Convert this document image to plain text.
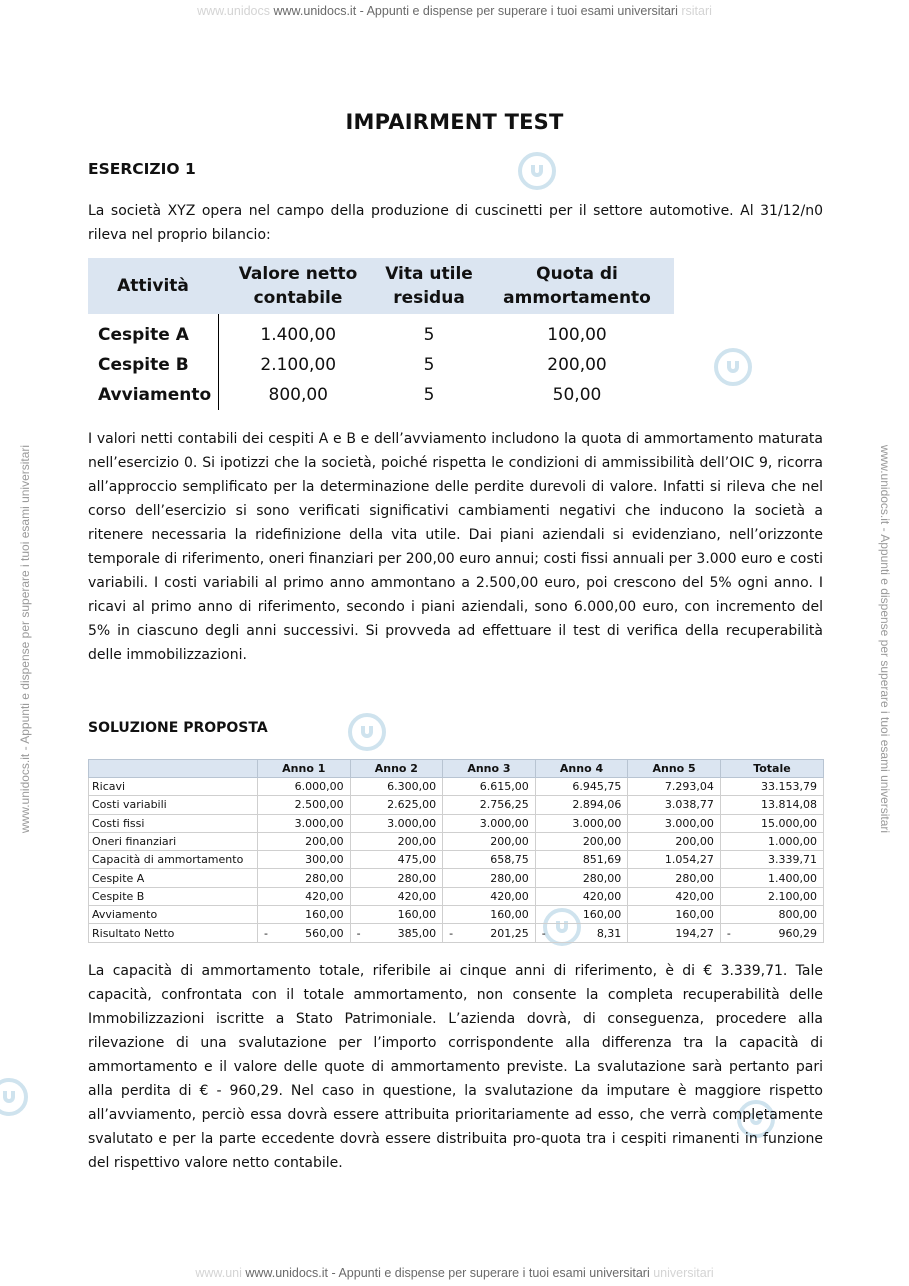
www.unidocs www.unidocs.it - Appunti e dispense per superare i tuoi esami universitari rsitari
www.unidocs.it - Appunti e dispense per superare i tuoi esami universitari	www.unidocs.it - Appunti e dispense per superare i tuoi esami universitari
IMPAIRMENT TEST
ESERCIZIO 1
La società XYZ opera nel campo della produzione di cuscinetti per il settore automotive. Al 31/12/n0 rileva nel proprio bilancio:
Attività	Valore netto contabile	Vita utile residua	Quota di ammortamento
Cespite A	1.400,00	5	100,00
Cespite B	2.100,00	5	200,00
Avviamento	800,00	5	50,00
I valori netti contabili dei cespiti A e B e dell’avviamento includono la quota di ammortamento maturata nell’esercizio 0. Si ipotizzi che la società, poiché rispetta le condizioni di ammissibilità dell’OIC 9, ricorra all’approccio semplificato per la determinazione delle perdite durevoli di valore. Infatti si rileva che nel corso dell’esercizio si sono verificati significativi cambiamenti negativi che inducono la società a ritenere necessaria la ridefinizione della vita utile. Dai piani aziendali si evidenziano, nell’orizzonte temporale di riferimento, oneri finanziari per 200,00 euro annui; costi fissi annuali per 3.000 euro e costi variabili. I costi variabili al primo anno ammontano a 2.500,00 euro, poi crescono del 5% ogni anno. I ricavi al primo anno di riferimento, secondo i piani aziendali, sono 6.000,00 euro, con incremento del 5% in ciascuno degli anni successivi. Si provveda ad effettuare il test di verifica della recuperabilità delle immobilizzazioni.
SOLUZIONE PROPOSTA
	Anno 1	Anno 2	Anno 3	Anno 4	Anno 5	Totale
Ricavi	6.000,00	6.300,00	6.615,00	6.945,75	7.293,04	33.153,79
Costi variabili	2.500,00	2.625,00	2.756,25	2.894,06	3.038,77	13.814,08
Costi fissi	3.000,00	3.000,00	3.000,00	3.000,00	3.000,00	15.000,00
Oneri finanziari	200,00	200,00	200,00	200,00	200,00	1.000,00
Capacità di ammortamento	300,00	475,00	658,75	851,69	1.054,27	3.339,71
Cespite A	280,00	280,00	280,00	280,00	280,00	1.400,00
Cespite B	420,00	420,00	420,00	420,00	420,00	2.100,00
Avviamento	160,00	160,00	160,00	160,00	160,00	800,00
Risultato Netto	- 560,00	- 385,00	- 201,25	- 8,31	194,27	- 960,29
La capacità di ammortamento totale, riferibile ai cinque anni di riferimento, è di € 3.339,71. Tale capacità, confrontata con il totale ammortamento, non consente la completa recuperabilità delle Immobilizzazioni iscritte a Stato Patrimoniale. L’azienda dovrà, di conseguenza, procedere alla rilevazione di una svalutazione per l’importo corrispondente alla differenza tra la capacità di ammortamento e il valore delle quote di ammortamento previste. La svalutazione sarà pertanto pari alla perdita di € - 960,29. Nel caso in questione, la svalutazione da imputare è maggiore rispetto all’avviamento, perciò essa dovrà essere attribuita prioritariamente ad esso, che verrà completamente svalutato e per la parte eccedente dovrà essere distribuita pro-quota tra i cespiti rimanenti in funzione del rispettivo valore netto contabile.
www.uni www.unidocs.it - Appunti e dispense per superare i tuoi esami universitari universitari
